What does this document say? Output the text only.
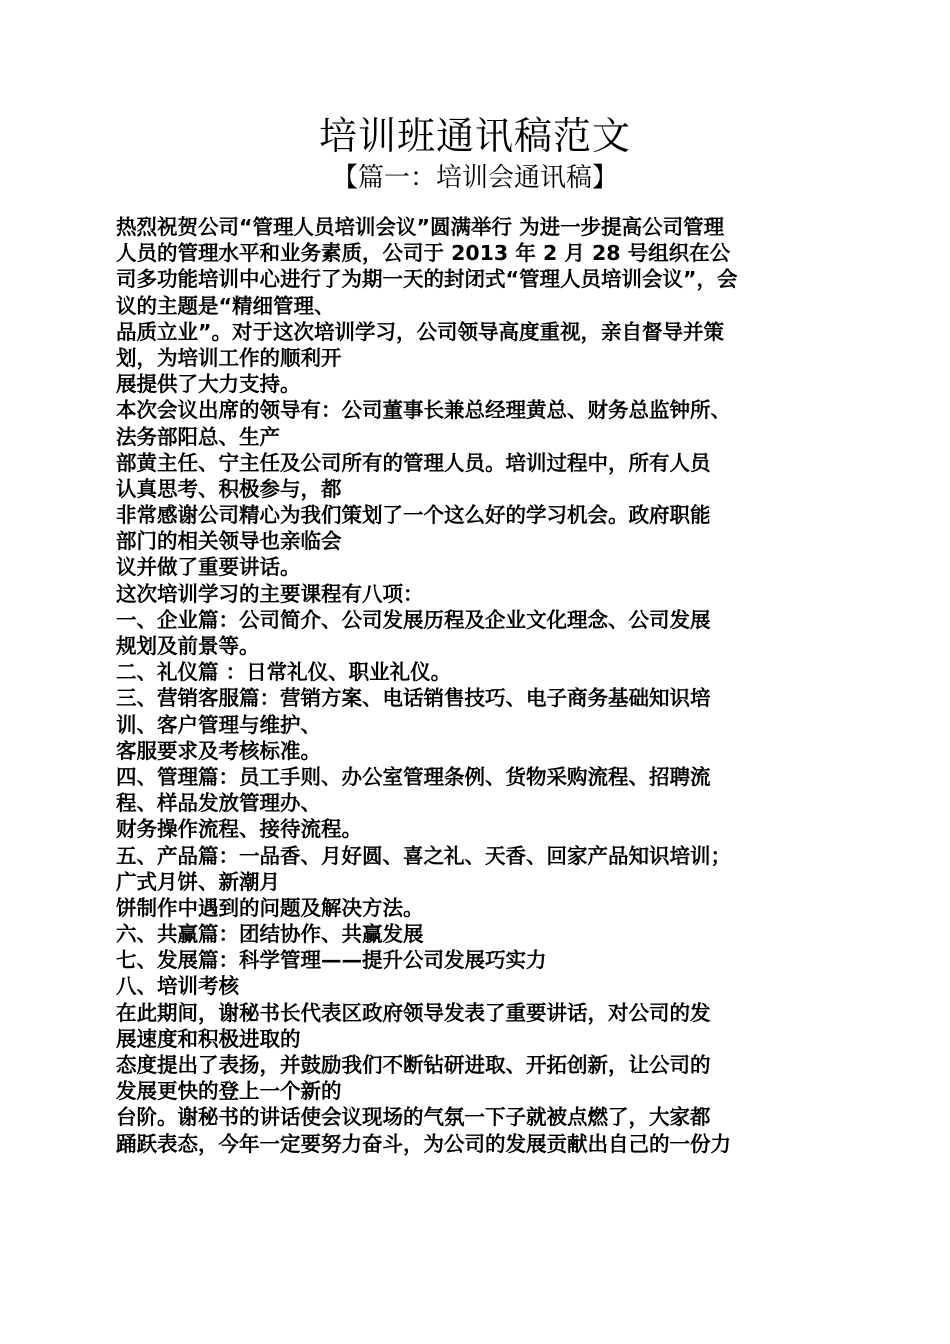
培训班通讯稿范文
【篇一：培训会通讯稿】
热烈祝贺公司“管理人员培训会议”圆满举行 为进一步提高公司管理
人员的管理水平和业务素质，公司于 2013 年 2 月 28 号组织在公
司多功能培训中心进行了为期一天的封闭式“管理人员培训会议”，会
议的主题是“精细管理、
品质立业”。对于这次培训学习，公司领导高度重视，亲自督导并策
划，为培训工作的顺利开
展提供了大力支持。
本次会议出席的领导有：公司董事长兼总经理黄总、财务总监钟所、
法务部阳总、生产
部黄主任、宁主任及公司所有的管理人员。培训过程中，所有人员
认真思考、积极参与，都
非常感谢公司精心为我们策划了一个这么好的学习机会。政府职能
部门的相关领导也亲临会
议并做了重要讲话。
这次培训学习的主要课程有八项：
一、企业篇：公司简介、公司发展历程及企业文化理念、公司发展
规划及前景等。
二、礼仪篇 ：日常礼仪、职业礼仪。
三、营销客服篇：营销方案、电话销售技巧、电子商务基础知识培
训、客户管理与维护、
客服要求及考核标准。
四、管理篇：员工手则、办公室管理条例、货物采购流程、招聘流
程、样品发放管理办、
财务操作流程、接待流程。
五、产品篇：一品香、月好圆、喜之礼、天香、回家产品知识培训；
广式月饼、新潮月
饼制作中遇到的问题及解决方法。
六、共赢篇：团结协作、共赢发展
七、发展篇：科学管理——提升公司发展巧实力
八、培训考核
在此期间，谢秘书长代表区政府领导发表了重要讲话，对公司的发
展速度和积极进取的
态度提出了表扬，并鼓励我们不断钻研进取、开拓创新，让公司的
发展更快的登上一个新的
台阶。谢秘书的讲话使会议现场的气氛一下子就被点燃了，大家都
踊跃表态，今年一定要努力奋斗，为公司的发展贡献出自己的一份力
